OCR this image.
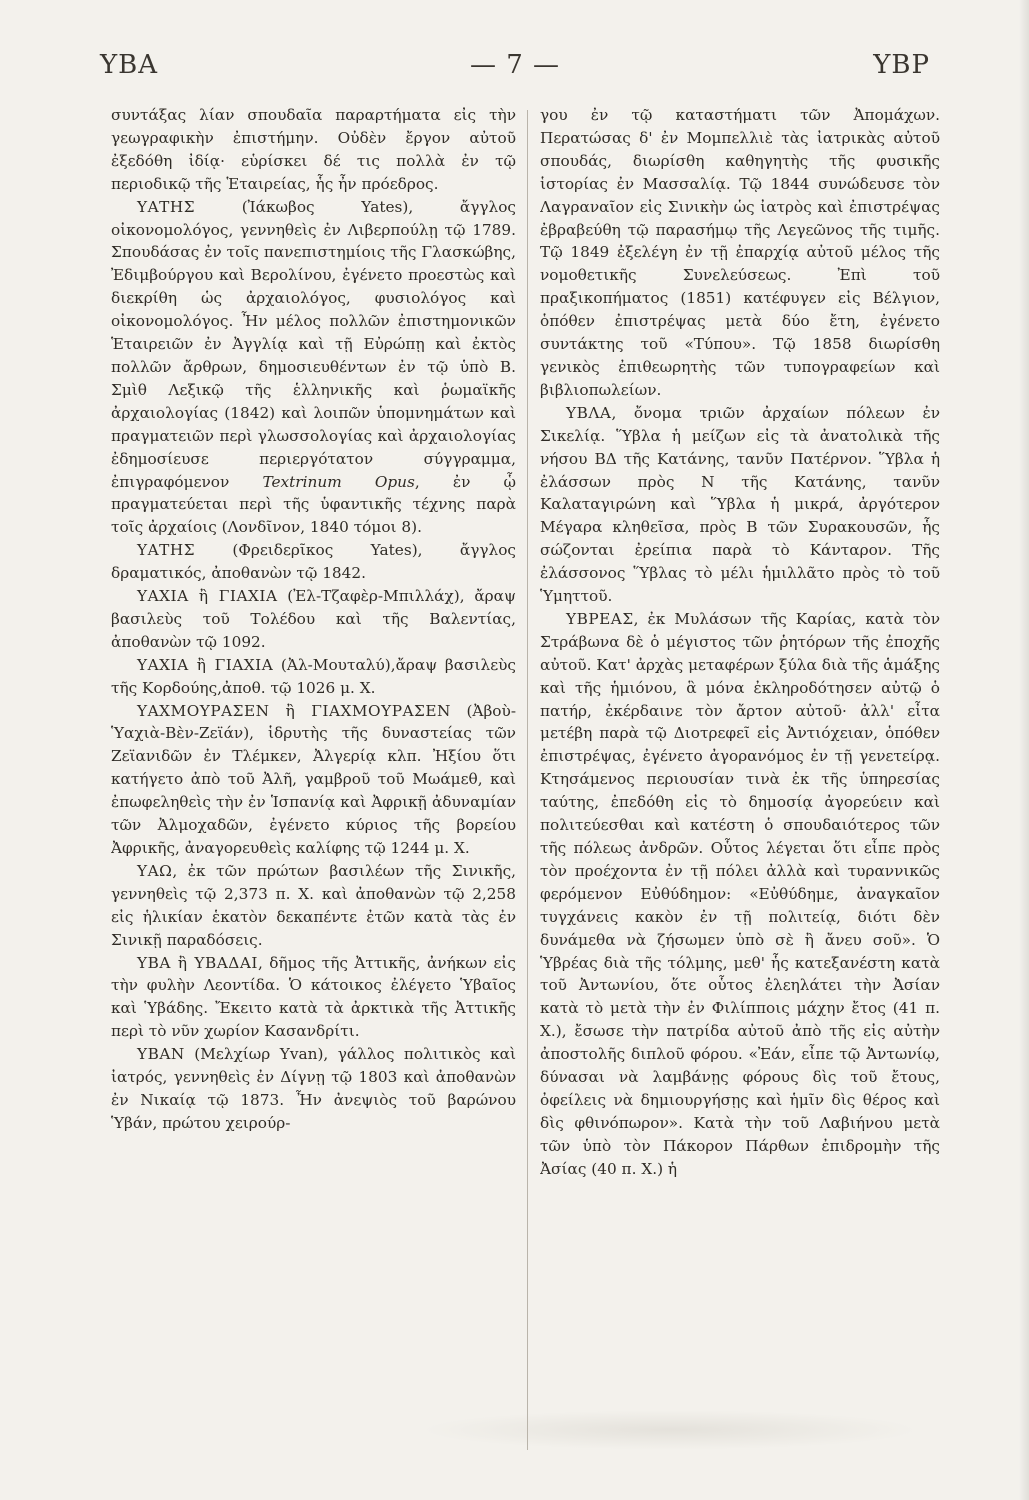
ΥΒΑ	— 7 —	ΥΒΡ

συντάξας λίαν σπουδαῖα παραρτήματα εἰς τὴν γεωγραφικὴν ἐπιστήμην. Οὐδὲν ἔργον αὐτοῦ ἐξεδόθη ἰδίᾳ· εὑρίσκει δέ τις πολλὰ ἐν τῷ περιοδικῷ τῆς Ἑταιρείας, ἧς ἦν πρόεδρος.

ΥΑΤΗΣ (Ἰάκωβος Yates), ἄγγλος οἰκονομολόγος, γεννηθεὶς ἐν Λιβερπούλῃ τῷ 1789. Σπουδάσας ἐν τοῖς πανεπιστημίοις τῆς Γλασκώβης, Ἐδιμβούργου καὶ Βερολίνου, ἐγένετο προεστὼς καὶ διεκρίθη ὡς ἀρχαιολόγος, φυσιολόγος καὶ οἰκονομολόγος. Ἦν μέλος πολλῶν ἐπιστημονικῶν Ἑταιρειῶν ἐν Ἀγγλίᾳ καὶ τῇ Εὐρώπῃ καὶ ἐκτὸς πολλῶν ἄρθρων, δημοσιευθέντων ἐν τῷ ὑπὸ Β. Σμὶθ Λεξικῷ τῆς ἑλληνικῆς καὶ ῥωμαϊκῆς ἀρχαιολογίας (1842) καὶ λοιπῶν ὑπομνημάτων καὶ πραγματειῶν περὶ γλωσσολογίας καὶ ἀρχαιολογίας ἐδημοσίευσε περιεργότατον σύγγραμμα, ἐπιγραφόμενον Textrinum Opus, ἐν ᾧ πραγματεύεται περὶ τῆς ὑφαντικῆς τέχνης παρὰ τοῖς ἀρχαίοις (Λονδῖνον, 1840 τόμοι 8).

ΥΑΤΗΣ (Φρειδερῖκος Yates), ἄγγλος δραματικός, ἀποθανὼν τῷ 1842.

ΥΑΧΙΑ ἢ ΓΙΑΧΙΑ (Ἐλ-Τζαφὲρ-Μπιλλάχ), ἄραψ βασιλεὺς τοῦ Τολέδου καὶ τῆς Βαλεντίας, ἀποθανὼν τῷ 1092.

ΥΑΧΙΑ ἢ ΓΙΑΧΙΑ (Ἀλ-Μουταλύ),ἄραψ βασιλεὺς τῆς Κορδούης,ἀποθ. τῷ 1026 μ. Χ.

ΥΑΧΜΟΥΡΑΣΕΝ ἢ ΓΙΑΧΜΟΥΡΑΣΕΝ (Ἀβοὺ-Ὑαχιὰ-Βὲν-Ζεϊάν), ἱδρυτὴς τῆς δυναστείας τῶν Ζεϊανιδῶν ἐν Τλέμκεν, Ἀλγερίᾳ κλπ. Ἠξίου ὅτι κατήγετο ἀπὸ τοῦ Ἀλῆ, γαμβροῦ τοῦ Μωάμεθ, καὶ ἐπωφεληθεὶς τὴν ἐν Ἱσπανίᾳ καὶ Ἀφρικῇ ἀδυναμίαν τῶν Ἀλμοχαδῶν, ἐγένετο κύριος τῆς βορείου Ἀφρικῆς, ἀναγορευθεὶς καλίφης τῷ 1244 μ. Χ.

ΥΑΩ, ἐκ τῶν πρώτων βασιλέων τῆς Σινικῆς, γεννηθεὶς τῷ 2,373 π. Χ. καὶ ἀποθανὼν τῷ 2,258 εἰς ἡλικίαν ἑκατὸν δεκαπέντε ἐτῶν κατὰ τὰς ἐν Σινικῇ παραδόσεις.

ΥΒΑ ἢ ΥΒΑΔΑΙ, δῆμος τῆς Ἀττικῆς, ἀνήκων εἰς τὴν φυλὴν Λεοντίδα. Ὁ κάτοικος ἐλέγετο Ὑβαῖος καὶ Ὑβάδης. Ἔκειτο κατὰ τὰ ἀρκτικὰ τῆς Ἀττικῆς περὶ τὸ νῦν χωρίον Κασανδρίτι.

ΥΒΑΝ (Μελχίωρ Yvan), γάλλος πολιτικὸς καὶ ἰατρός, γεννηθεὶς ἐν Δίγνῃ τῷ 1803 καὶ ἀποθανὼν ἐν Νικαίᾳ τῷ 1873. Ἦν ἀνεψιὸς τοῦ βαρώνου Ὑβάν, πρώτου χειρούρ-

γου ἐν τῷ καταστήματι τῶν Ἀπομάχων. Περατώσας δ' ἐν Μομπελλιὲ τὰς ἰατρικὰς αὐτοῦ σπουδάς, διωρίσθη καθηγητὴς τῆς φυσικῆς ἱστορίας ἐν Μασσαλίᾳ. Τῷ 1844 συνώδευσε τὸν Λαγραναῖον εἰς Σινικὴν ὡς ἰατρὸς καὶ ἐπιστρέψας ἐβραβεύθη τῷ παρασήμῳ τῆς Λεγεῶνος τῆς τιμῆς. Τῷ 1849 ἐξελέγη ἐν τῇ ἐπαρχίᾳ αὐτοῦ μέλος τῆς νομοθετικῆς Συνελεύσεως. Ἐπὶ τοῦ πραξικοπήματος (1851) κατέφυγεν εἰς Βέλγιον, ὁπόθεν ἐπιστρέψας μετὰ δύο ἔτη, ἐγένετο συντάκτης τοῦ «Τύπου». Τῷ 1858 διωρίσθη γενικὸς ἐπιθεωρητὴς τῶν τυπογραφείων καὶ βιβλιοπωλείων.

ΥΒΛΑ, ὄνομα τριῶν ἀρχαίων πόλεων ἐν Σικελίᾳ. Ὕβλα ἡ μείζων εἰς τὰ ἀνατολικὰ τῆς νήσου ΒΔ τῆς Κατάνης, τανῦν Πατέρνον. Ὕβλα ἡ ἐλάσσων πρὸς Ν τῆς Κατάνης, τανῦν Καλαταγιρώνη καὶ Ὕβλα ἡ μικρά, ἀργότερον Μέγαρα κληθεῖσα, πρὸς Β τῶν Συρακουσῶν, ἧς σώζονται ἐρείπια παρὰ τὸ Κάνταρον. Τῆς ἐλάσσονος Ὕβλας τὸ μέλι ἡμιλλᾶτο πρὸς τὸ τοῦ Ὑμηττοῦ.

ΥΒΡΕΑΣ, ἐκ Μυλάσων τῆς Καρίας, κατὰ τὸν Στράβωνα δὲ ὁ μέγιστος τῶν ῥητόρων τῆς ἐποχῆς αὐτοῦ. Κατ' ἀρχὰς μεταφέρων ξύλα διὰ τῆς ἁμάξης καὶ τῆς ἡμιόνου, ἃ μόνα ἐκληροδότησεν αὐτῷ ὁ πατήρ, ἐκέρδαινε τὸν ἄρτον αὐτοῦ· ἀλλ' εἶτα μετέβη παρὰ τῷ Διοτρεφεῖ εἰς Ἀντιόχειαν, ὁπόθεν ἐπιστρέψας, ἐγένετο ἀγορανόμος ἐν τῇ γενετείρᾳ. Κτησάμενος περιουσίαν τινὰ ἐκ τῆς ὑπηρεσίας ταύτης, ἐπεδόθη εἰς τὸ δημοσίᾳ ἀγορεύειν καὶ πολιτεύεσθαι καὶ κατέστη ὁ σπουδαιότερος τῶν τῆς πόλεως ἀνδρῶν. Οὗτος λέγεται ὅτι εἶπε πρὸς τὸν προέχοντα ἐν τῇ πόλει ἀλλὰ καὶ τυραννικῶς φερόμενον Εὐθύδημον: «Εὐθύδημε, ἀναγκαῖον τυγχάνεις κακὸν ἐν τῇ πολιτείᾳ, διότι δὲν δυνάμεθα νὰ ζήσωμεν ὑπὸ σὲ ἢ ἄνευ σοῦ». Ὁ Ὑβρέας διὰ τῆς τόλμης, μεθ' ἧς κατεξανέστη κατὰ τοῦ Ἀντωνίου, ὅτε οὗτος ἐλεηλάτει τὴν Ἀσίαν κατὰ τὸ μετὰ τὴν ἐν Φιλίπποις μάχην ἔτος (41 π. Χ.), ἔσωσε τὴν πατρίδα αὐτοῦ ἀπὸ τῆς εἰς αὐτὴν ἀποστολῆς διπλοῦ φόρου. «Ἐάν, εἶπε τῷ Ἀντωνίῳ, δύνασαι νὰ λαμβάνῃς φόρους δὶς τοῦ ἔτους, ὀφείλεις νὰ δημιουργήσῃς καὶ ἡμῖν δὶς θέρος καὶ δὶς φθινόπωρον». Κατὰ τὴν τοῦ Λαβιήνου μετὰ τῶν ὑπὸ τὸν Πάκορον Πάρθων ἐπιδρομὴν τῆς Ἀσίας (40 π. Χ.) ἡ
